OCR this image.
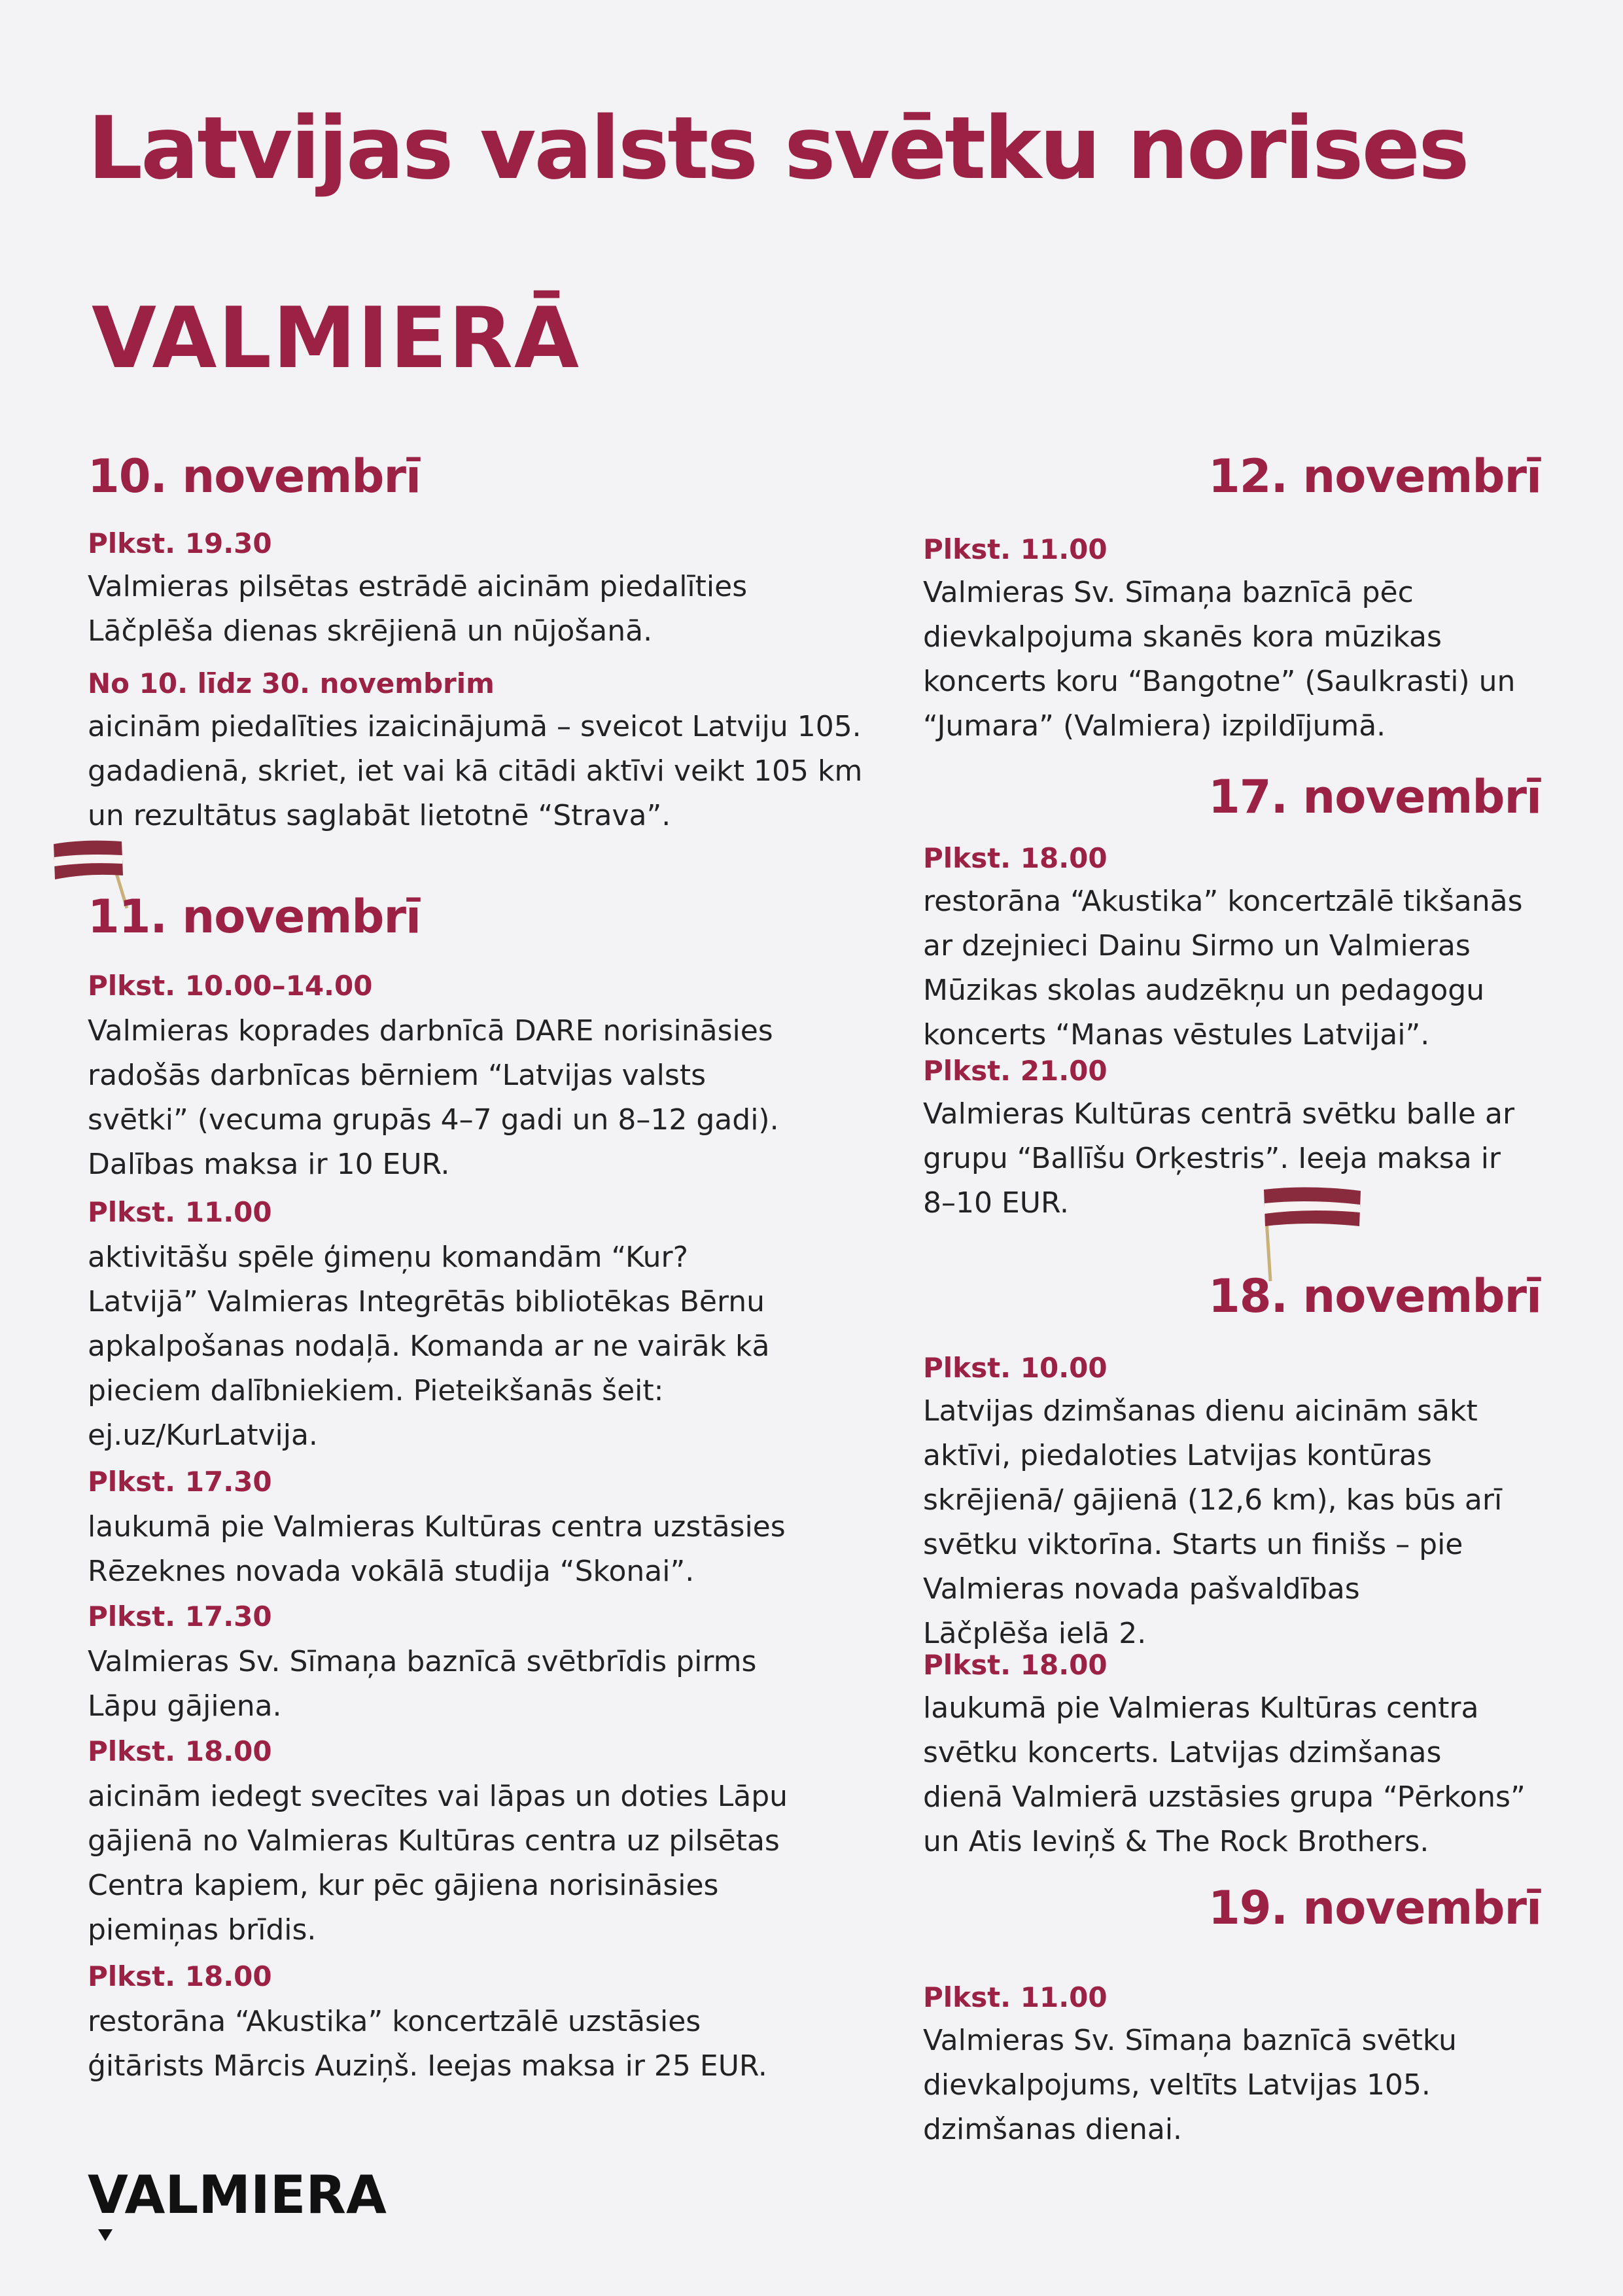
Latvijas valsts svētku norises
VALMIERĀ
10. novembrī

Plkst. 19.30

Valmieras pilsētas estrādē aicinām piedalīties

Lāčplēša dienas skrējienā un nūjošanā.

No 10. līdz 30. novembrim

aicinām piedalīties izaicinājumā – sveicot Latviju 105.

gadadienā, skriet, iet vai kā citādi aktīvi veikt 105 km

un rezultātus saglabāt lietotnē “Strava”.

11. novembrī

Plkst. 10.00–14.00

Valmieras koprades darbnīcā DARE norisināsies

radošās darbnīcas bērniem “Latvijas valsts

svētki” (vecuma grupās 4–7 gadi un 8–12 gadi).

Dalības maksa ir 10 EUR.

Plkst. 11.00

aktivitāšu spēle ģimeņu komandām “Kur?

Latvijā” Valmieras Integrētās bibliotēkas Bērnu

apkalpošanas nodaļā. Komanda ar ne vairāk kā

pieciem dalībniekiem. Pieteikšanās šeit:

ej.uz/KurLatvija.

Plkst. 17.30

laukumā pie Valmieras Kultūras centra uzstāsies

Rēzeknes novada vokālā studija “Skonai”.

Plkst. 17.30

Valmieras Sv. Sīmaņa baznīcā svētbrīdis pirms

Lāpu gājiena.

Plkst. 18.00

aicinām iedegt svecītes vai lāpas un doties Lāpu

gājienā no Valmieras Kultūras centra uz pilsētas

Centra kapiem, kur pēc gājiena norisināsies

piemiņas brīdis.

Plkst. 18.00

restorāna “Akustika” koncertzālē uzstāsies

ģitārists Mārcis Auziņš. Ieejas maksa ir 25 EUR.

12. novembrī

Plkst. 11.00

Valmieras Sv. Sīmaņa baznīcā pēc

dievkalpojuma skanēs kora mūzikas

koncerts koru “Bangotne” (Saulkrasti) un

“Jumara” (Valmiera) izpildījumā.

17. novembrī

Plkst. 18.00

restorāna “Akustika” koncertzālē tikšanās

ar dzejnieci Dainu Sirmo un Valmieras

Mūzikas skolas audzēkņu un pedagogu

koncerts “Manas vēstules Latvijai”.

Plkst. 21.00

Valmieras Kultūras centrā svētku balle ar

grupu “Ballīšu Orķestris”. Ieeja maksa ir

8–10 EUR.

18. novembrī

Plkst. 10.00

Latvijas dzimšanas dienu aicinām sākt

aktīvi, piedaloties Latvijas kontūras

skrējienā/ gājienā (12,6 km), kas būs arī

svētku viktorīna. Starts un finišs – pie

Valmieras novada pašvaldības

Lāčplēša ielā 2.

Plkst. 18.00

laukumā pie Valmieras Kultūras centra

svētku koncerts. Latvijas dzimšanas

dienā Valmierā uzstāsies grupa “Pērkons”

un Atis Ieviņš & The Rock Brothers.

19. novembrī

Plkst. 11.00

Valmieras Sv. Sīmaņa baznīcā svētku

dievkalpojums, veltīts Latvijas 105.

dzimšanas dienai.

VALMIERA
